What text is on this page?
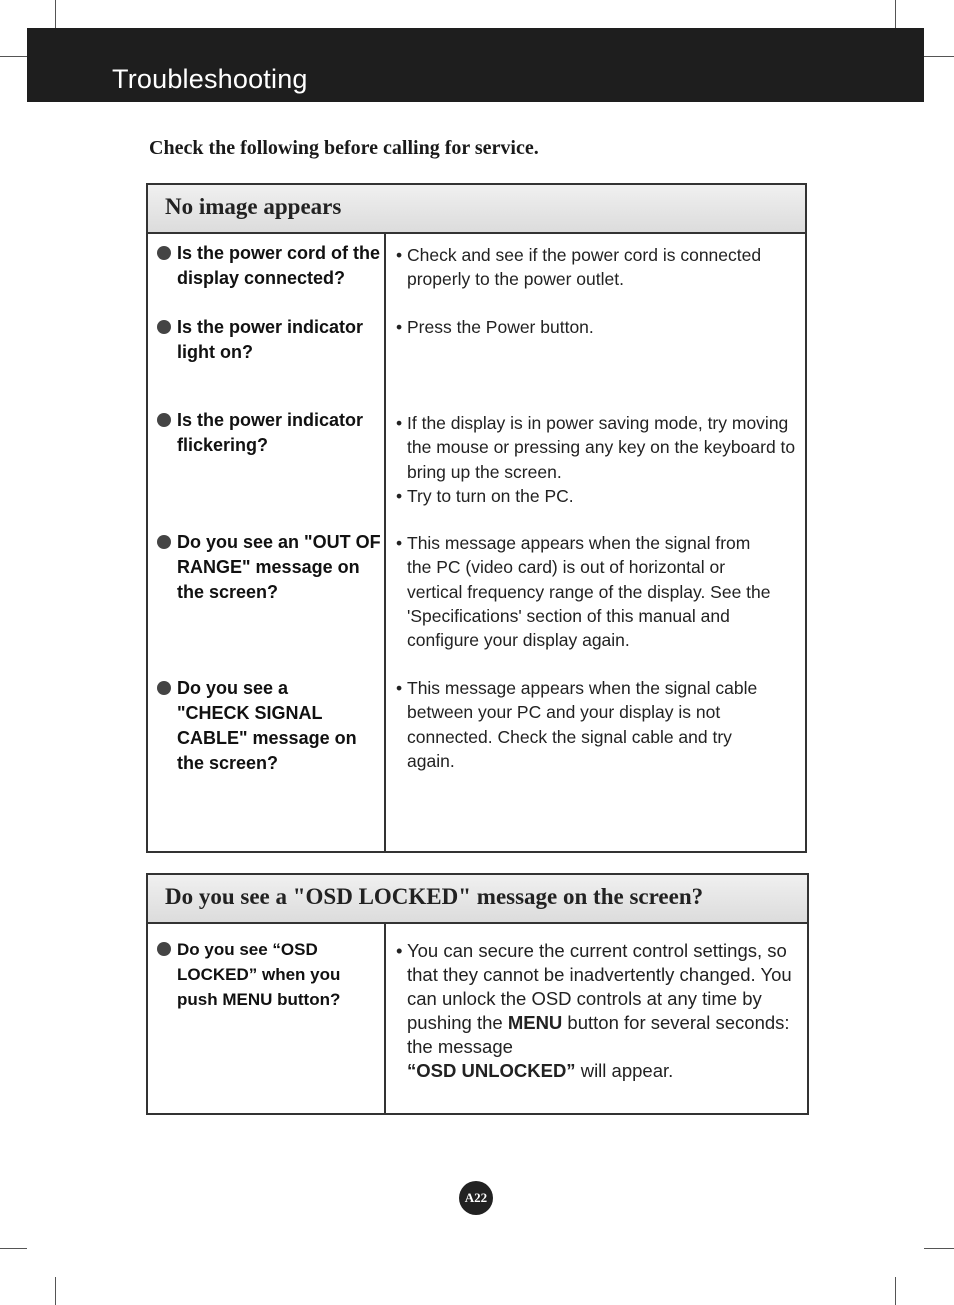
Troubleshooting
Check the following before calling for service.
No image appears
Is the power cord of the display connected?
• Check and see if the power cord is connected properly to the power outlet.
Is the power indicator light on?
• Press the Power button.
Is the power indicator flickering?
• If the display is in power saving mode, try moving the mouse or pressing any key on the keyboard to bring up the screen.
• Try to turn on the PC.
Do you see an "OUT OF RANGE" message on the screen?
• This message appears when the signal from the PC (video card) is out of horizontal or vertical frequency range of the display. See the 'Specifications' section of this manual and configure your display again.
Do you see a "CHECK SIGNAL CABLE" message on the screen?
• This message appears when the signal cable between your PC and your display is not connected. Check the signal cable and try again.
Do you see a "OSD LOCKED" message on the screen?
Do you see “OSD LOCKED” when you push MENU button?
• You can secure the current control settings, so that they cannot be inadvertently changed. You can unlock the OSD controls at any time by pushing the MENU button for several seconds: the message
“OSD UNLOCKED” will appear.
A22
